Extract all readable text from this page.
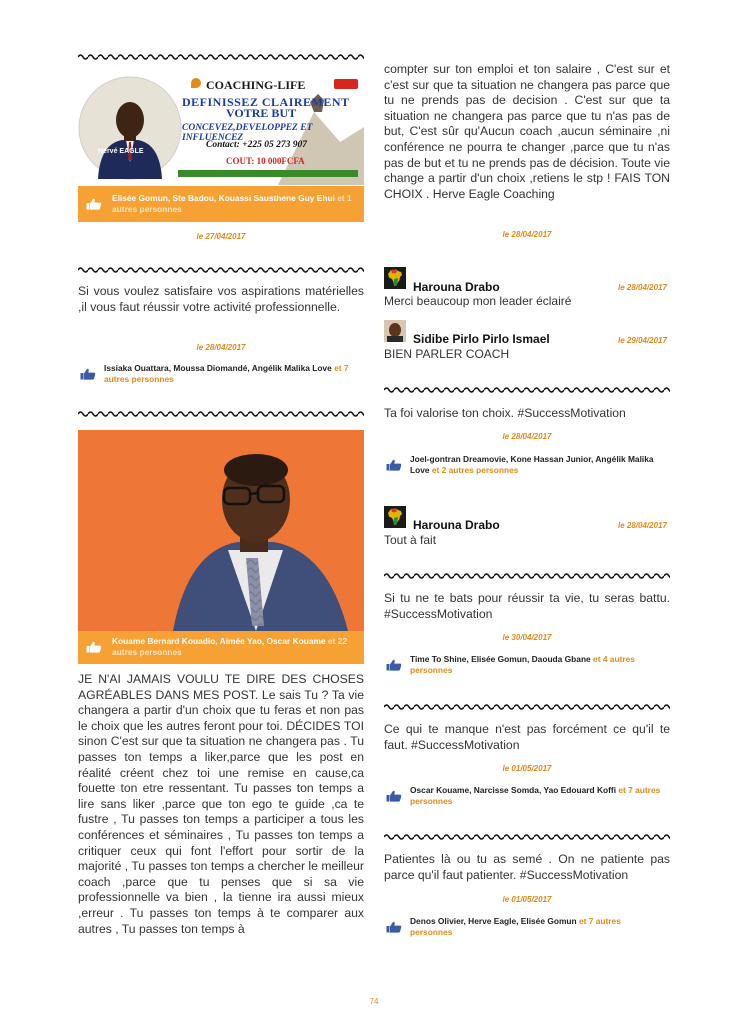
COACHING-LIFE
DEFINISSEZ CLAIREMENT
VOTRE BUT
CONCEVEZ,DEVELOPPEZ ET INFLUENCEZ
Contact: +225 05 273 907
COUT: 10 000FCFA
Hervé EAGLE
Elisée Gomun, Ste Badou, Kouassi Sausthene Guy Ehui et 1 autres personnes
le 27/04/2017
Si vous voulez satisfaire vos aspirations matérielles ,il vous faut réussir votre activité professionnelle.
le 28/04/2017
Issiaka Ouattara, Moussa Diomandé, Angélik Malika Love et 7 autres personnes
Kouame Bernard Kouadio, Aimée Yao, Oscar Kouame et 22 autres personnes
JE N'AI JAMAIS VOULU TE DIRE DES CHOSES AGRÉABLES DANS MES POST. Le sais Tu ? Ta vie changera a partir d'un choix que tu feras et non pas le choix que les autres feront pour toi. DÉCIDES TOI sinon C'est sur que ta situation ne changera pas . Tu passes ton temps a liker,parce que les post en réalité créent chez toi une remise en cause,ca fouette ton etre ressentant. Tu passes ton temps a lire sans liker ,parce que ton ego te guide ,ca te fustre , Tu passes ton temps a participer a tous les conférences et séminaires , Tu passes ton temps a critiquer ceux qui font l'effort pour sortir de la majorité , Tu passes ton temps a chercher le meilleur coach ,parce que tu penses que si sa vie professionnelle va bien , la tienne ira aussi mieux ,erreur . Tu passes ton temps à te comparer aux autres , Tu passes ton temps à
compter sur ton emploi et ton salaire , C'est sur et c'est sur que ta situation ne changera pas parce que tu ne prends pas de decision . C'est sur que ta situation ne changera pas parce que tu n'as pas de but, C'est sûr qu'Aucun coach ,aucun séminaire ,ni conférence ne pourra te changer ,parce que tu n'as pas de but et tu ne prends pas de décision. Toute vie change a partir d'un choix ,retiens le stp ! FAIS TON CHOIX . Herve Eagle Coaching
le 28/04/2017
Harouna Drabo	le 28/04/2017
Merci beaucoup mon leader éclairé
Sidibe Pirlo Pirlo Ismael	le 29/04/2017
BIEN PARLER COACH
Ta foi valorise ton choix. #SuccessMotivation
le 28/04/2017
Joel-gontran Dreamovie, Kone Hassan Junior, Angélik Malika Love et 2 autres personnes
Harouna Drabo	le 28/04/2017
Tout à fait
Si tu ne te bats pour réussir ta vie, tu seras battu. #SuccessMotivation
le 30/04/2017
Time To Shine, Elisée Gomun, Daouda Gbane et 4 autres personnes
Ce qui te manque n'est pas forcément ce qu'il te faut. #SuccessMotivation
le 01/05/2017
Oscar Kouame, Narcisse Somda, Yao Edouard Koffi et 7 autres personnes
Patientes là ou tu as semé . On ne patiente pas parce qu'il faut patienter. #SuccessMotivation
le 01/05/2017
Denos Olivier, Herve Eagle, Elisée Gomun et 7 autres personnes
74
